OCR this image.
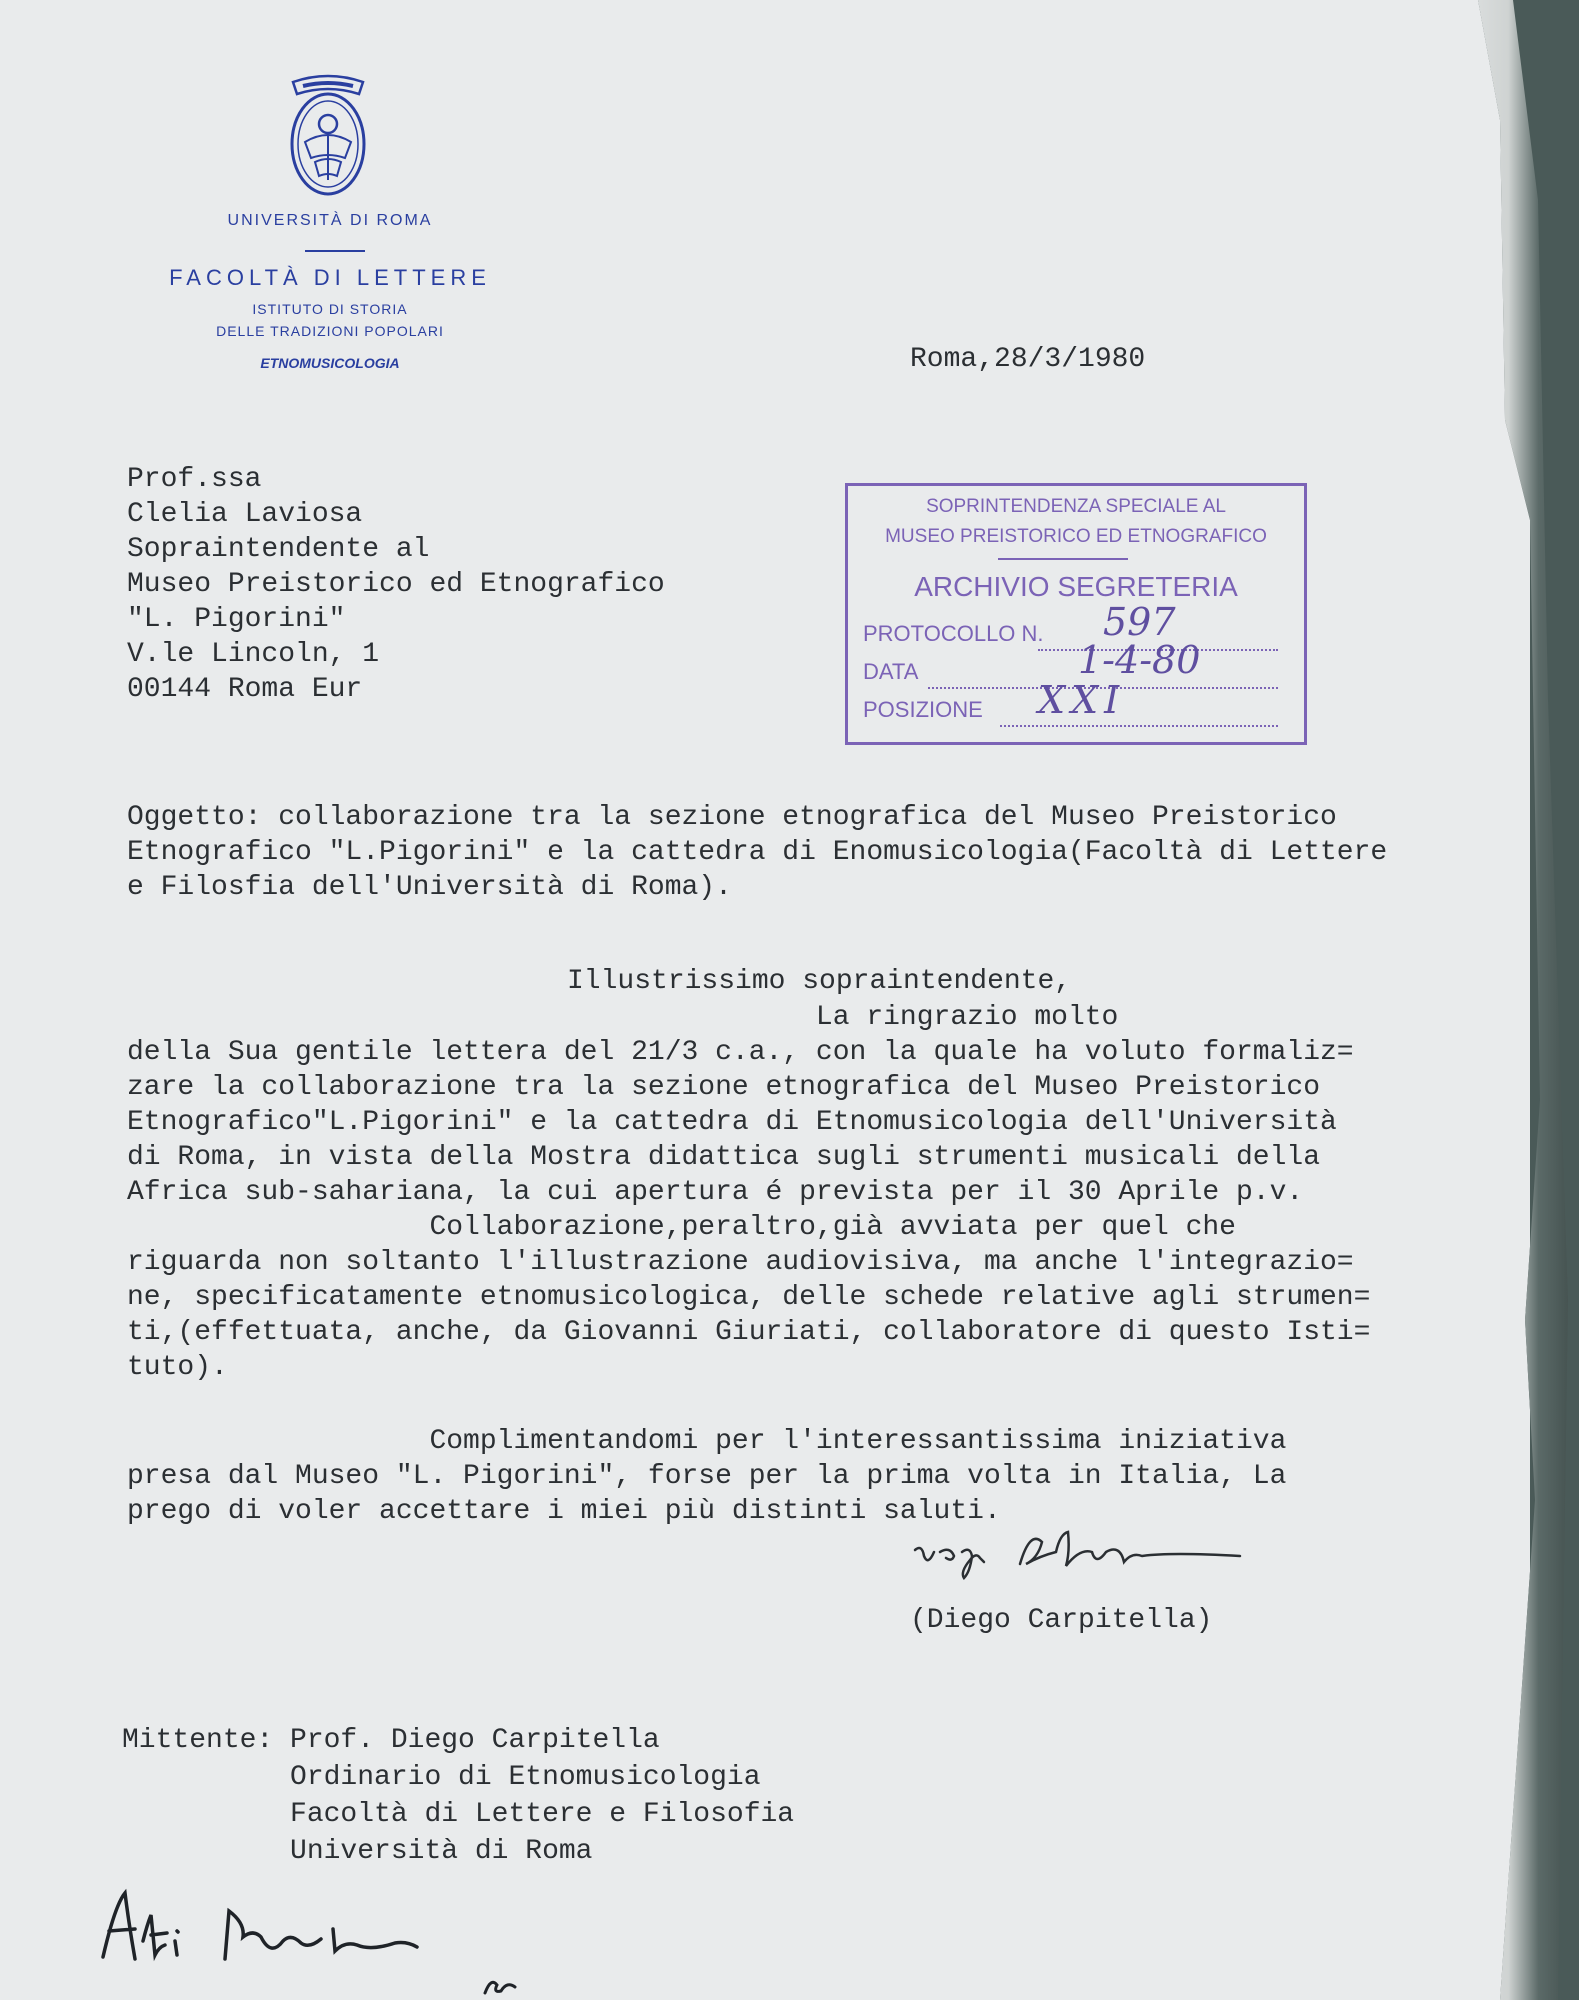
UNIVERSITÀ DI ROMA
FACOLTÀ DI LETTERE
ISTITUTO DI STORIA
DELLE TRADIZIONI POPOLARI
ETNOMUSICOLOGIA	Roma,28/3/1980
Prof.ssa
Clelia Laviosa
Sopraintendente al
Museo Preistorico ed Etnografico
"L. Pigorini"
V.le Lincoln, 1
00144 Roma Eur
SOPRINTENDENZA SPECIALE AL
MUSEO PREISTORICO ED ETNOGRAFICO
ARCHIVIO SEGRETERIA
PROTOCOLLO N.
DATA
POSIZIONE
597
1-4-80
XXI
Oggetto: collaborazione tra la sezione etnografica del Museo Preistorico
Etnografico "L.Pigorini" e la cattedra di Enomusicologia(Facoltà di Lettere
e Filosfia dell'Università di Roma).
Illustrissimo sopraintendente,
La ringrazio molto
della Sua gentile lettera del 21/3 c.a., con la quale ha voluto formaliz=
zare la collaborazione tra la sezione etnografica del Museo Preistorico
Etnografico"L.Pigorini" e la cattedra di Etnomusicologia dell'Università
di Roma, in vista della Mostra didattica sugli strumenti musicali della
Africa sub-sahariana, la cui apertura é prevista per il 30 Aprile p.v.
Collaborazione,peraltro,già avviata per quel che
riguarda non soltanto l'illustrazione audiovisiva, ma anche l'integrazio=
ne, specificatamente etnomusicologica, delle schede relative agli strumen=
ti,(effettuata, anche, da Giovanni Giuriati, collaboratore di questo Isti=
tuto).
Complimentandomi per l'interessantissima iniziativa
presa dal Museo "L. Pigorini", forse per la prima volta in Italia, La
prego di voler accettare i miei più distinti saluti.
(Diego Carpitella)
Mittente: Prof. Diego Carpitella
Ordinario di Etnomusicologia
Facoltà di Lettere e Filosofia
Università di Roma
